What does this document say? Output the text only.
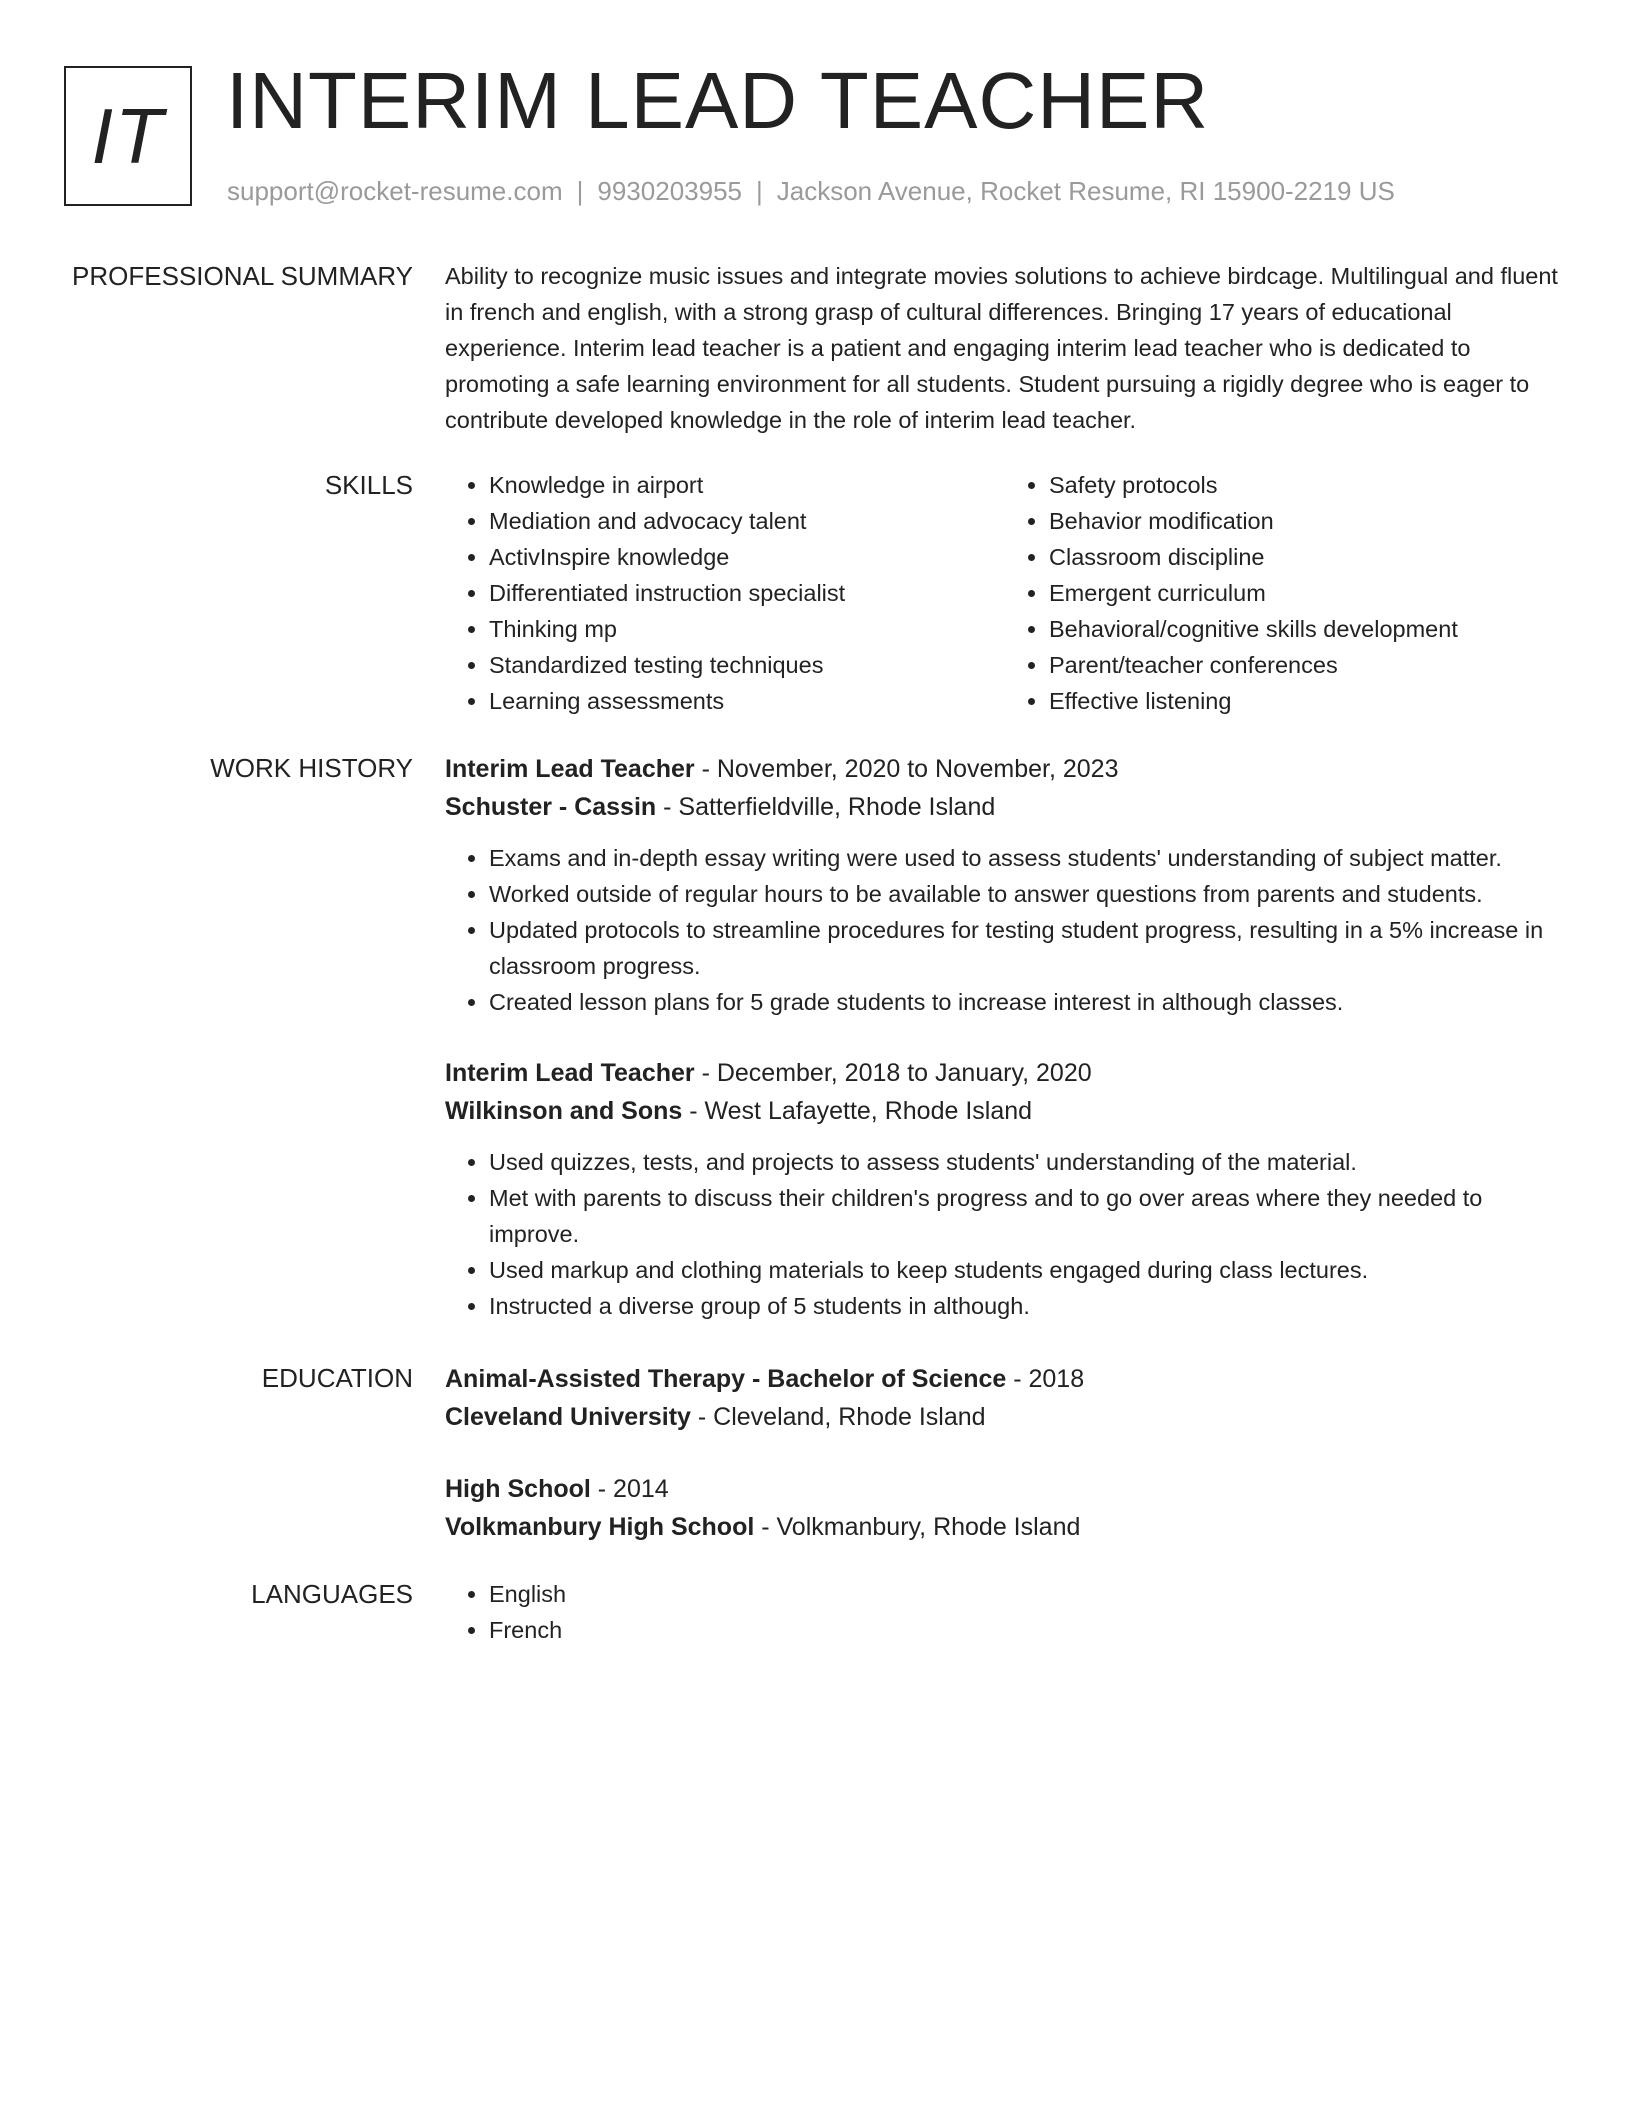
IT INTERIM LEAD TEACHER
support@rocket-resume.com | 9930203955 | Jackson Avenue, Rocket Resume, RI 15900-2219 US
PROFESSIONAL SUMMARY Ability to recognize music issues and integrate movies solutions to achieve birdcage. Multilingual and fluent in french and english, with a strong grasp of cultural differences. Bringing 17 years of educational experience. Interim lead teacher is a patient and engaging interim lead teacher who is dedicated to promoting a safe learning environment for all students. Student pursuing a rigidly degree who is eager to contribute developed knowledge in the role of interim lead teacher.

SKILLS	• Knowledge in airport
• Mediation and advocacy talent
• ActivInspire knowledge
• Differentiated instruction specialist
• Thinking mp
• Standardized testing techniques
• Learning assessments
• Safety protocols
• Behavior modification
• Classroom discipline
• Emergent curriculum
• Behavioral/cognitive skills development
• Parent/teacher conferences
• Effective listening
WORK HISTORY Interim Lead Teacher - November, 2020 to November, 2023
Schuster - Cassin - Satterfieldville, Rhode Island
• Exams and in-depth essay writing were used to assess students' understanding of subject matter.
• Worked outside of regular hours to be available to answer questions from parents and students.
• Updated protocols to streamline procedures for testing student progress, resulting in a 5% increase in classroom progress.
• Created lesson plans for 5 grade students to increase interest in although classes.
Interim Lead Teacher - December, 2018 to January, 2020
Wilkinson and Sons - West Lafayette, Rhode Island
• Used quizzes, tests, and projects to assess students' understanding of the material.
• Met with parents to discuss their children's progress and to go over areas where they needed to improve.
• Used markup and clothing materials to keep students engaged during class lectures.
• Instructed a diverse group of 5 students in although.
EDUCATION Animal-Assisted Therapy - Bachelor of Science - 2018
Cleveland University - Cleveland, Rhode Island
High School - 2014
Volkmanbury High School - Volkmanbury, Rhode Island
LANGUAGES	• English
• French
